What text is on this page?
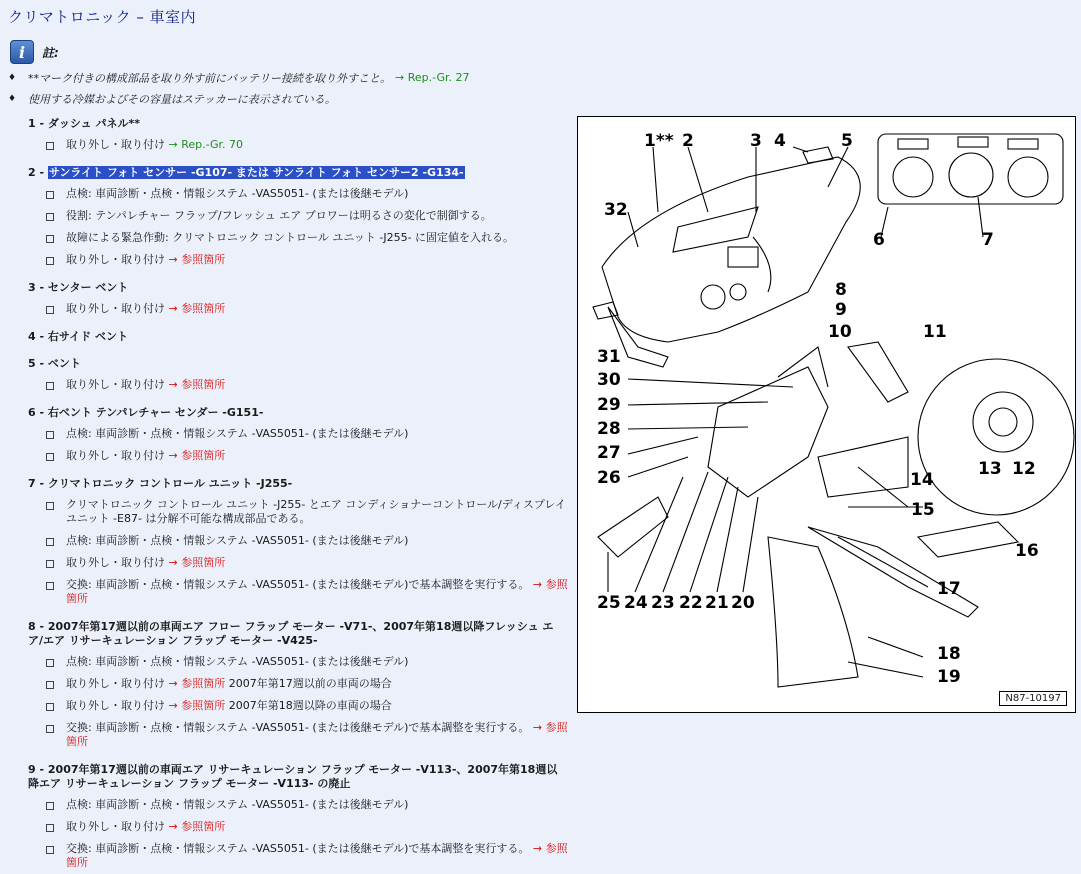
クリマトロニック – 車室内
i	註:
♦	**マーク付きの構成部品を取り外す前にバッテリー接続を取り外すこと。 → Rep.-Gr. 27
♦	使用する冷媒およびその容量はステッカーに表示されている。
1 - ダッシュ パネル**
取り外し・取り付け → Rep.-Gr. 70
2 - サンライト フォト センサー -G107- または サンライト フォト センサー2 -G134-
点検: 車両診断・点検・情報システム -VAS5051- (または後継モデル)
役割: テンパレチャー フラップ/フレッシュ エア ブロワーは明るさの変化で制御する。
故障による緊急作動: クリマトロニック コントロール ユニット -J255- に固定値を入れる。
取り外し・取り付け → 参照箇所
3 - センター ベント
取り外し・取り付け → 参照箇所
4 - 右サイド ベント
5 - ベント
取り外し・取り付け → 参照箇所
6 - 右ベント テンパレチャー センダー -G151-
点検: 車両診断・点検・情報システム -VAS5051- (または後継モデル)
取り外し・取り付け → 参照箇所
7 - クリマトロニック コントロール ユニット -J255-
クリマトロニック コントロール ユニット -J255- とエア コンディショナーコントロール/ディスプレイ ユニット -E87- は分解不可能な構成部品である。
点検: 車両診断・点検・情報システム -VAS5051- (または後継モデル)
取り外し・取り付け → 参照箇所
交換: 車両診断・点検・情報システム -VAS5051- (または後継モデル)で基本調整を実行する。 → 参照箇所
8 - 2007年第17週以前の車両エア フロー フラップ モーター -V71-、2007年第18週以降フレッシュ エア/エア リサーキュレーション フラップ モーター -V425-
点検: 車両診断・点検・情報システム -VAS5051- (または後継モデル)
取り外し・取り付け → 参照箇所 2007年第17週以前の車両の場合
取り外し・取り付け → 参照箇所 2007年第18週以降の車両の場合
交換: 車両診断・点検・情報システム -VAS5051- (または後継モデル)で基本調整を実行する。 → 参照箇所
9 - 2007年第17週以前の車両エア リサーキュレーション フラップ モーター -V113-、2007年第18週以降エア リサーキュレーション フラップ モーター -V113- の廃止
点検: 車両診断・点検・情報システム -VAS5051- (または後継モデル)
取り外し・取り付け → 参照箇所
交換: 車両診断・点検・情報システム -VAS5051- (または後継モデル)で基本調整を実行する。 → 参照箇所
1** 2	3 4	5
6	7
8
9
10	11
12
13
14
15
16
17
18
19
20
21
22
23
24
25
26
27
28
29
30
31
32
N87-10197
